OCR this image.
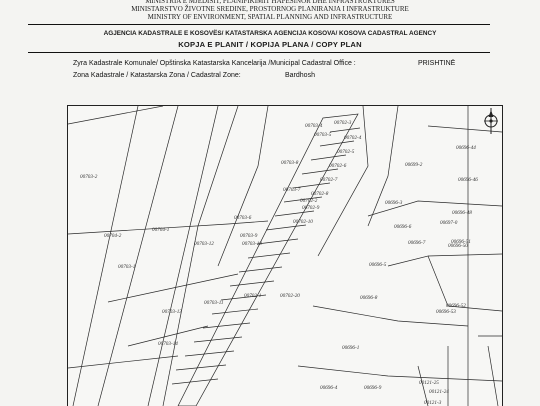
MINISTRIA E MJEDISIT, PLANIFIKIMIT HAPESINOR DHE INFRASTRUKTURES
MINISTARSTVO ŽIVOTNE SREDINE, PROSTORNOG PLANIRANJA I INFRASTRUKTURE
MINISTRY OF ENVIRONMENT, SPATIAL PLANNING AND INFRASTRUCTURE
AGJENCIA KADASTRALE E KOSOVËS/ KATASTARSKA AGENCIJA KOSOVA/ KOSOVA CADASTRAL AGENCY
KOPJA E PLANIT / KOPIJA PLANA / COPY PLAN
Zyra Kadastrale Komunale/ Opštinska Katastarska Kancelarija /Municipal Cadastral Office :	PRISHTINË
Zona Kadastrale / Katastarska Zona / Cadastral Zone:	Bardhosh
00703-4 00702-3
00703-5 00702-4
00702-5
00702-6
00703-8
00702-7
00703-7
00702-8
00702-9
00702-10
00703-2
00703-6
00704-1
00704-2	00703-9
00703-10
00703-12
00703-1
00703-11
00703-13
00703-14
00702-1
00702-2
00702-20
00699-2
00696-44
00696-46
00696-3
00696-48
00696-6
00697-0
00696-7	00696-50
00696-5
00696-51
00696-8
00696-52
00696-53
00696-1
00696-4	00696-9
00121-25
00121-24
00121-3
